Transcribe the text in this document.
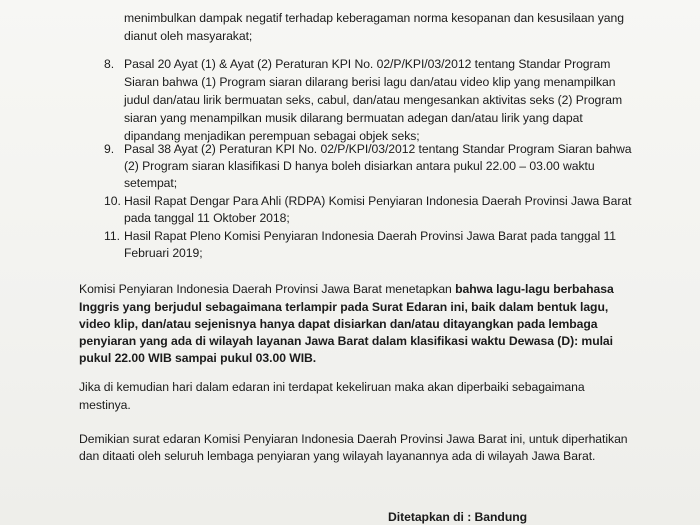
menimbulkan dampak negatif terhadap keberagaman norma kesopanan dan kesusilaan yang
dianut oleh masyarakat;
8. Pasal 20 Ayat (1) & Ayat (2) Peraturan KPI No. 02/P/KPI/03/2012 tentang Standar Program
Siaran bahwa (1) Program siaran dilarang berisi lagu dan/atau video klip yang menampilkan
judul dan/atau lirik bermuatan seks, cabul, dan/atau mengesankan aktivitas seks (2) Program
siaran yang menampilkan musik dilarang bermuatan adegan dan/atau lirik yang dapat
dipandang menjadikan perempuan sebagai objek seks;
9. Pasal 38 Ayat (2) Peraturan KPI No. 02/P/KPI/03/2012 tentang Standar Program Siaran bahwa
(2) Program siaran klasifikasi D hanya boleh disiarkan antara pukul 22.00 – 03.00 waktu
setempat;
10. Hasil Rapat Dengar Para Ahli (RDPA) Komisi Penyiaran Indonesia Daerah Provinsi Jawa Barat
pada tanggal 11 Oktober 2018;
11. Hasil Rapat Pleno Komisi Penyiaran Indonesia Daerah Provinsi Jawa Barat pada tanggal 11
Februari 2019;
Komisi Penyiaran Indonesia Daerah Provinsi Jawa Barat menetapkan bahwa lagu-lagu berbahasa
Inggris yang berjudul sebagaimana terlampir pada Surat Edaran ini, baik dalam bentuk lagu,
video klip, dan/atau sejenisnya hanya dapat disiarkan dan/atau ditayangkan pada lembaga
penyiaran yang ada di wilayah layanan Jawa Barat dalam klasifikasi waktu Dewasa (D): mulai
pukul 22.00 WIB sampai pukul 03.00 WIB.
Jika di kemudian hari dalam edaran ini terdapat kekeliruan maka akan diperbaiki sebagaimana
mestinya.
Demikian surat edaran Komisi Penyiaran Indonesia Daerah Provinsi Jawa Barat ini, untuk diperhatikan
dan ditaati oleh seluruh lembaga penyiaran yang wilayah layanannya ada di wilayah Jawa Barat.
Ditetapkan di : Bandung
